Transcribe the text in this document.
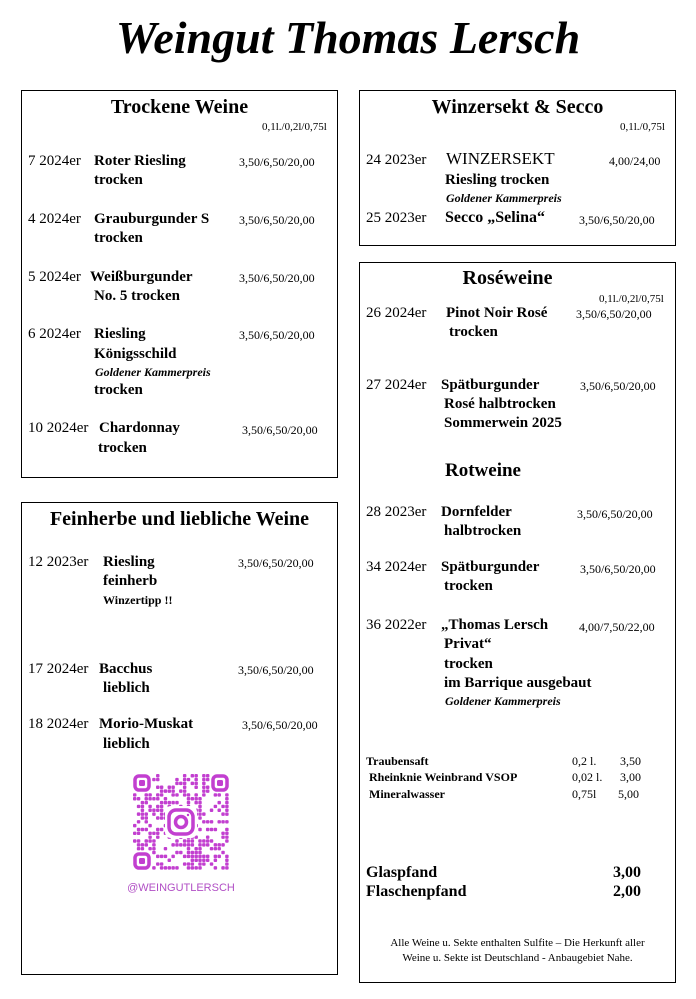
Weingut Thomas Lersch
Trockene Weine
0,1l./0,2l/0,75l
7 2024er Roter Riesling
trocken
3,50/6,50/20,00
4 2024er Grauburgunder S
trocken
3,50/6,50/20,00
5 2024er Weißburgunder
No. 5 trocken
3,50/6,50/20,00
6 2024er Riesling
Königsschild
Goldener Kammerpreis
trocken
3,50/6,50/20,00
10 2024er Chardonnay
trocken
3,50/6,50/20,00
Feinherbe und liebliche Weine
12 2023er Riesling
feinherb
Winzertipp !!
3,50/6,50/20,00
17 2024er Bacchus
lieblich
3,50/6,50/20,00
18 2024er Morio-Muskat
lieblich
3,50/6,50/20,00
@WEINGUTLERSCH
Winzersekt & Secco
0,1l./0,75l
24 2023er WINZERSEKT
Riesling trocken
Goldener Kammerpreis
4,00/24,00
25 2023er Secco „Selina“	3,50/6,50/20,00
Roséweine
0,1l./0,2l/0,75l
26 2024er Pinot Noir Rosé
trocken
3,50/6,50/20,00
27 2024er Spätburgunder
Rosé halbtrocken
Sommerwein 2025
3,50/6,50/20,00
Rotweine
28 2023er Dornfelder
halbtrocken
3,50/6,50/20,00
34 2024er Spätburgunder
trocken
3,50/6,50/20,00
36 2022er „Thomas Lersch
Privat“
trocken
im Barrique ausgebaut
Goldener Kammerpreis
4,00/7,50/22,00
Traubensaft	0,2 l. 3,50
Rheinknie Weinbrand VSOP	0,02 l. 3,00
Mineralwasser	0,75l 5,00
Glaspfand	3,00
Flaschenpfand	2,00
Alle Weine u. Sekte enthalten Sulfite – Die Herkunft aller
Weine u. Sekte ist Deutschland - Anbaugebiet Nahe.
